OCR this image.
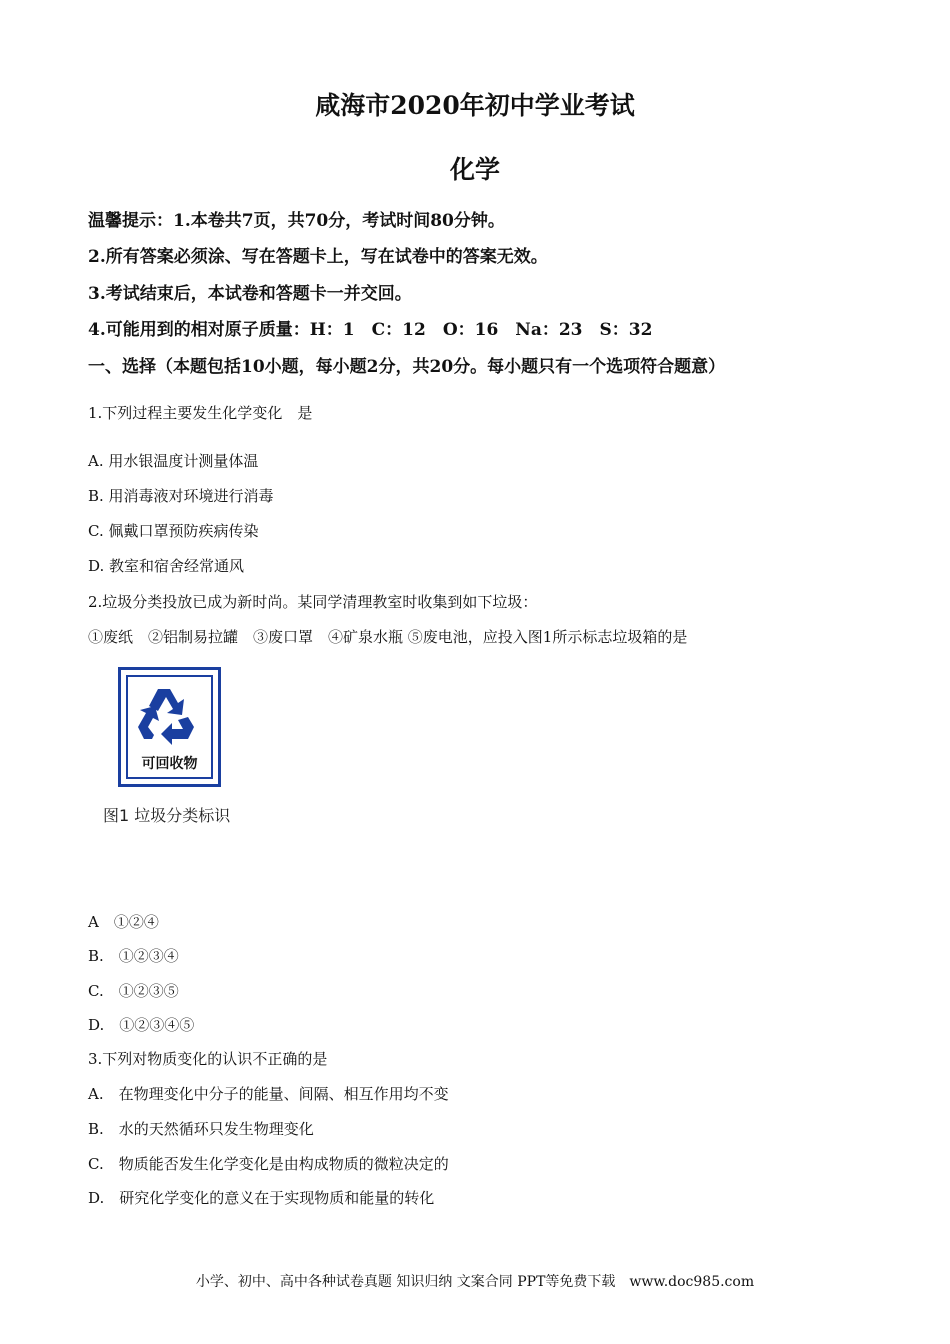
咸海市2020年初中学业考试
化学
温馨提示：1.本卷共7页，共70分，考试时间80分钟。
2.所有答案必须涂、写在答题卡上，写在试卷中的答案无效。
3.考试结束后，本试卷和答题卡一并交回。
4.可能用到的相对原子质量：H：1　C：12　O：16　Na：23　S：32
一、选择（本题包括10小题，每小题2分，共20分。每小题只有一个选项符合题意）
1.下列过程主要发生化学变化　是
A. 用水银温度计测量体温
B. 用消毒液对环境进行消毒
C. 佩戴口罩预防疾病传染
D. 教室和宿舍经常通风
2.垃圾分类投放已成为新时尚。某同学清理教室时收集到如下垃圾：
①废纸　②铝制易拉罐　③废口罩　④矿泉水瓶 ⑤废电池，应投入图1所示标志垃圾箱的是
可回收物
图1 垃圾分类标识
A　①②④
B.　①②③④
C.　①②③⑤
D.　①②③④⑤
3.下列对物质变化的认识不正确的是
A.　在物理变化中分子的能量、间隔、相互作用均不变
B.　水的天然循环只发生物理变化
C.　物质能否发生化学变化是由构成物质的微粒决定的
D.　研究化学变化的意义在于实现物质和能量的转化
小学、初中、高中各种试卷真题 知识归纳 文案合同 PPT等免费下载　www.doc985.com
